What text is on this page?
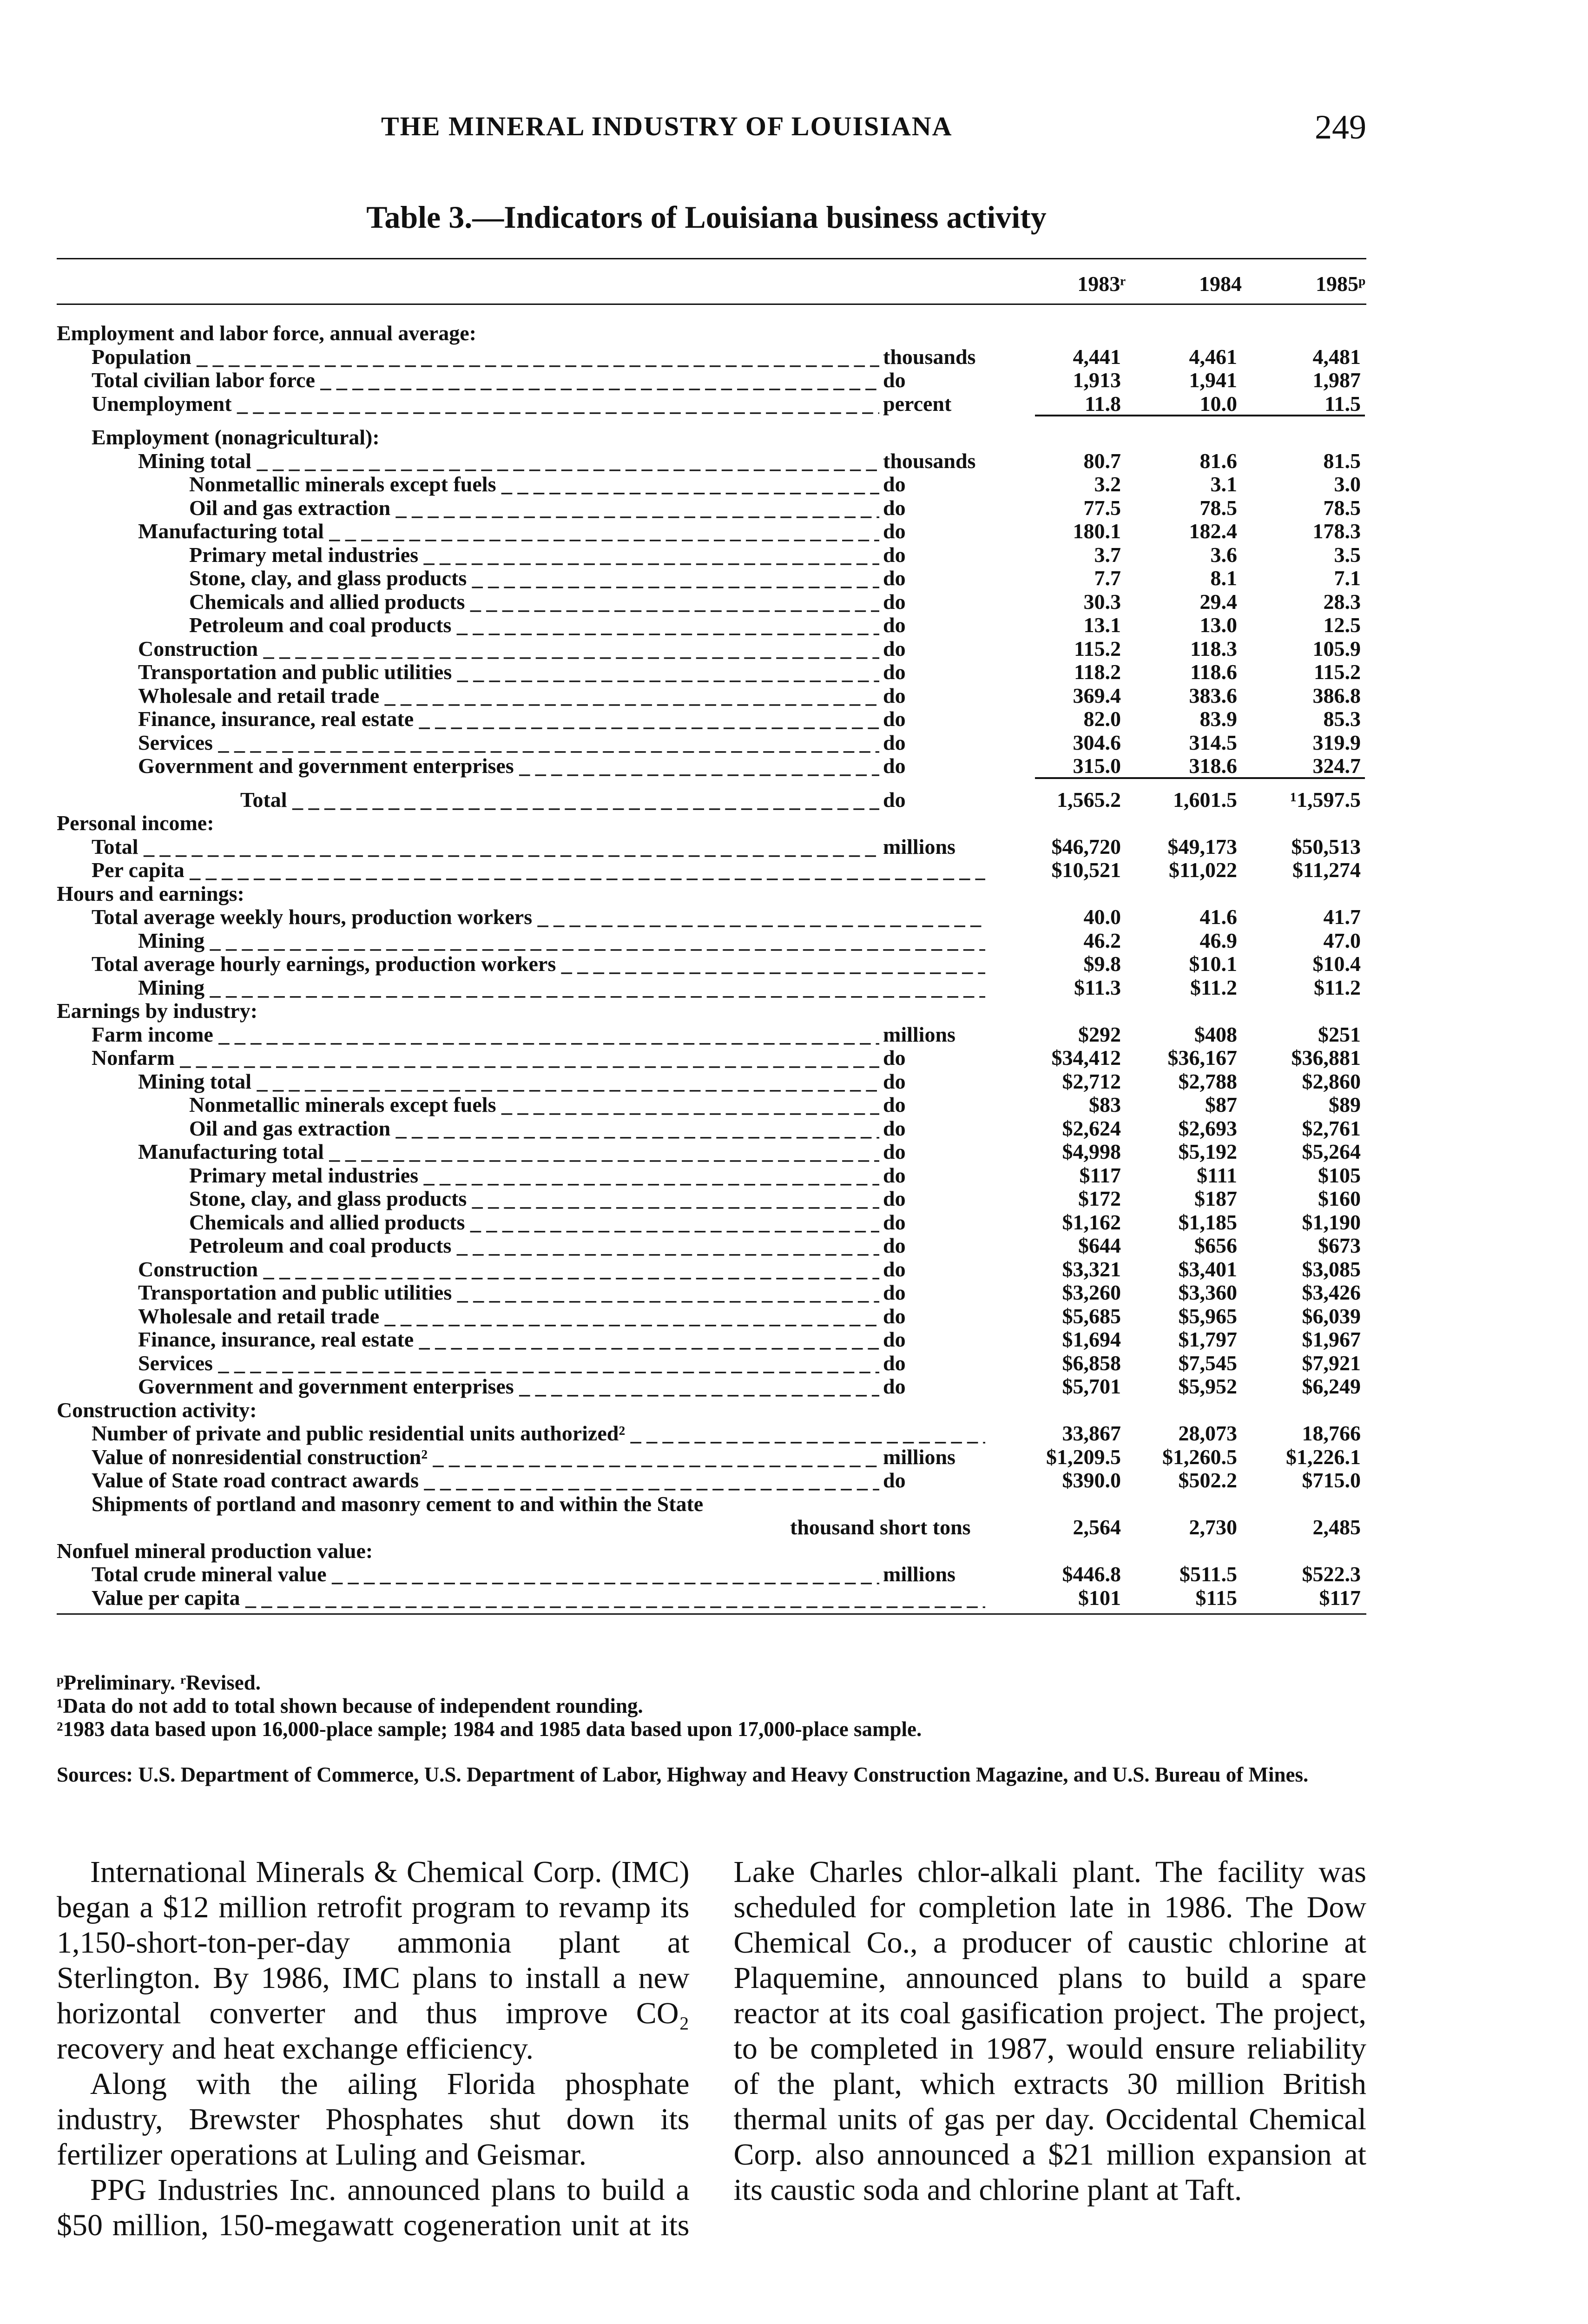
THE MINERAL INDUSTRY OF LOUISIANA	249
Table 3.—Indicators of Louisiana business activity
1983ʳ	1984	1985ᵖ
Employment and labor force, annual average:
Population _ _ _	thousands	4,441	4,461	4,481
Total civilian labor force _ _ _	do	1,913	1,941	1,987
Unemployment _ _ _	percent	11.8	10.0	11.5
Employment (nonagricultural):
Mining total _ _ _	thousands	80.7	81.6	81.5
Nonmetallic minerals except fuels _ _ _	do	3.2	3.1	3.0
Oil and gas extraction _ _ _	do	77.5	78.5	78.5
Manufacturing total _ _ _	do	180.1	182.4	178.3
Primary metal industries _ _ _	do	3.7	3.6	3.5
Stone, clay, and glass products _ _ _	do	7.7	8.1	7.1
Chemicals and allied products _ _ _	do	30.3	29.4	28.3
Petroleum and coal products _ _ _	do	13.1	13.0	12.5
Construction _ _ _	do	115.2	118.3	105.9
Transportation and public utilities _ _ _	do	118.2	118.6	115.2
Wholesale and retail trade _ _ _	do	369.4	383.6	386.8
Finance, insurance, real estate _ _ _	do	82.0	83.9	85.3
Services _ _ _	do	304.6	314.5	319.9
Government and government enterprises _ _ _	do	315.0	318.6	324.7
Total _ _ _	do	1,565.2	1,601.5	¹1,597.5
Personal income:
Total _ _ _	millions	$46,720	$49,173	$50,513
Per capita _ _ _	$10,521	$11,022	$11,274
Hours and earnings:
Total average weekly hours, production workers _ _ _	40.0	41.6	41.7
Mining _ _ _	46.2	46.9	47.0
Total average hourly earnings, production workers _ _ _	$9.8	$10.1	$10.4
Mining _ _ _	$11.3	$11.2	$11.2
Earnings by industry:
Farm income _ _ _	millions	$292	$408	$251
Nonfarm _ _ _	do	$34,412	$36,167	$36,881
Mining total _ _ _	do	$2,712	$2,788	$2,860
Nonmetallic minerals except fuels _ _ _	do	$83	$87	$89
Oil and gas extraction _ _ _	do	$2,624	$2,693	$2,761
Manufacturing total _ _ _	do	$4,998	$5,192	$5,264
Primary metal industries _ _ _	do	$117	$111	$105
Stone, clay, and glass products _ _ _	do	$172	$187	$160
Chemicals and allied products _ _ _	do	$1,162	$1,185	$1,190
Petroleum and coal products _ _ _	do	$644	$656	$673
Construction _ _ _	do	$3,321	$3,401	$3,085
Transportation and public utilities _ _ _	do	$3,260	$3,360	$3,426
Wholesale and retail trade _ _ _	do	$5,685	$5,965	$6,039
Finance, insurance, real estate _ _ _	do	$1,694	$1,797	$1,967
Services _ _ _	do	$6,858	$7,545	$7,921
Government and government enterprises _ _ _	do	$5,701	$5,952	$6,249
Construction activity:
Number of private and public residential units authorized² _ _ _	33,867	28,073	18,766
Value of nonresidential construction² _ _ _	millions	$1,209.5	$1,260.5	$1,226.1
Value of State road contract awards _ _ _	do	$390.0	$502.2	$715.0
Shipments of portland and masonry cement to and within the State
thousand short tons	2,564	2,730	2,485
Nonfuel mineral production value:
Total crude mineral value _ _ _	millions	$446.8	$511.5	$522.3
Value per capita _ _ _	$101	$115	$117

ᵖPreliminary. ʳRevised.

¹Data do not add to total shown because of independent rounding.

²1983 data based upon 16,000-place sample; 1984 and 1985 data based upon 17,000-place sample.

Sources: U.S. Department of Commerce, U.S. Department of Labor, Highway and Heavy Construction Magazine, and U.S. Bureau of Mines.

International Minerals & Chemical Corp. (IMC) began a $12 million retrofit program to revamp its 1,150-short-ton-per-day ammonia plant at Sterlington. By 1986, IMC plans to install a new horizontal converter and thus improve CO₂ recovery and heat exchange efficiency.

Along with the ailing Florida phosphate industry, Brewster Phosphates shut down its fertilizer operations at Luling and Geismar.

PPG Industries Inc. announced plans to build a $50 million, 150-megawatt cogeneration unit at its Lake Charles chlor-alkali plant. The facility was scheduled for completion late in 1986. The Dow Chemical Co., a producer of caustic chlorine at Plaquemine, announced plans to build a spare reactor at its coal gasification project. The project, to be completed in 1987, would ensure reliability of the plant, which extracts 30 million British thermal units of gas per day. Occidental Chemical Corp. also announced a $21 million expansion at its caustic soda and chlorine plant at Taft.
